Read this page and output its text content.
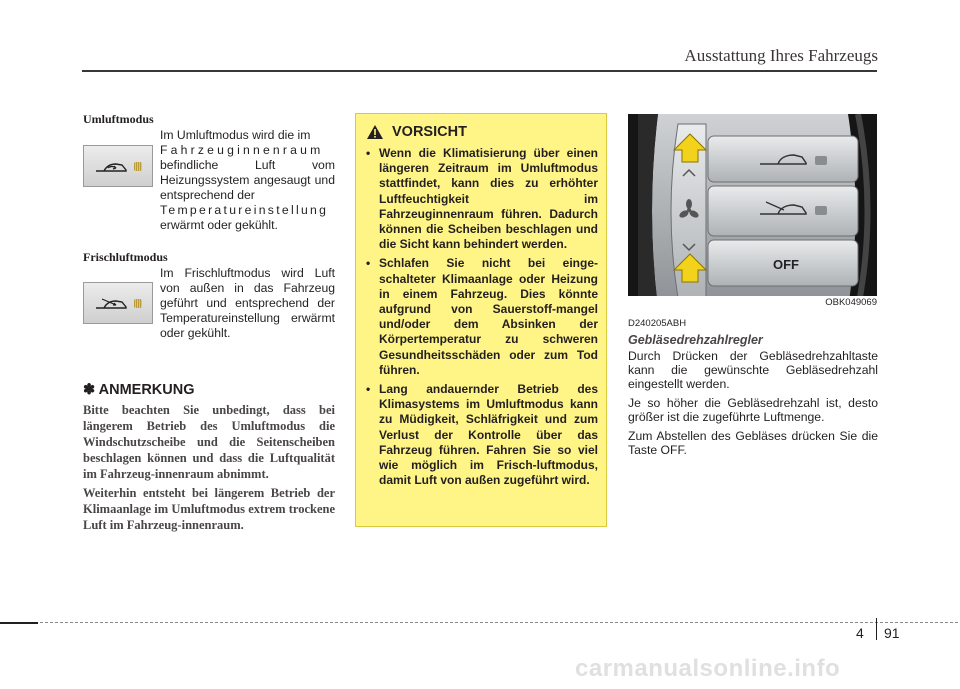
Ausstattung Ihres Fahrzeugs
Umluftmodus
Im Umluftmodus wird die im
Fahrzeuginnenraum
befindliche Luft vom Heizungssystem angesaugt und entsprechend der
Temperatureinstellung
erwärmt oder gekühlt.
Frischluftmodus
Im Frischluftmodus wird Luft von außen in das Fahrzeug geführt und entsprechend der Temperatureinstellung erwärmt oder gekühlt.
✽ ANMERKUNG
Bitte beachten Sie unbedingt, dass bei längerem Betrieb des Umluftmodus die Windschutzscheibe und die Seitenscheiben beschlagen können und dass die Luftqualität im Fahrzeug-innenraum abnimmt.
Weiterhin entsteht bei längerem Betrieb der Klimaanlage im Umluftmodus extrem trockene Luft im Fahrzeug-innenraum.
VORSICHT
• Wenn die Klimatisierung über einen längeren Zeitraum im Umluftmodus stattfindet, kann dies zu erhöhter Luftfeuchtigkeit im Fahrzeuginnenraum führen. Dadurch können die Scheiben beschlagen und die Sicht kann behindert werden.
• Schlafen Sie nicht bei einge-schalteter Klimaanlage oder Heizung in einem Fahrzeug. Dies könnte aufgrund von Sauerstoff-mangel und/oder dem Absinken der Körpertemperatur zu schweren Gesundheitsschäden oder zum Tod führen.
• Lang andauernder Betrieb des Klimasystems im Umluftmodus kann zu Müdigkeit, Schläfrigkeit und zum Verlust der Kontrolle über das Fahrzeug führen. Fahren Sie so viel wie möglich im Frisch-luftmodus, damit Luft von außen zugeführt wird.
OFF
OBK049069
D240205ABH
Gebläsedrehzahlregler
Durch Drücken der Gebläsedrehzahltaste kann die gewünschte Gebläsedrehzahl eingestellt werden.
Je so höher die Gebläsedrehzahl ist, desto größer ist die zugeführte Luftmenge.
Zum Abstellen des Gebläses drücken Sie die Taste OFF.
4 91
carmanualsonline.info
